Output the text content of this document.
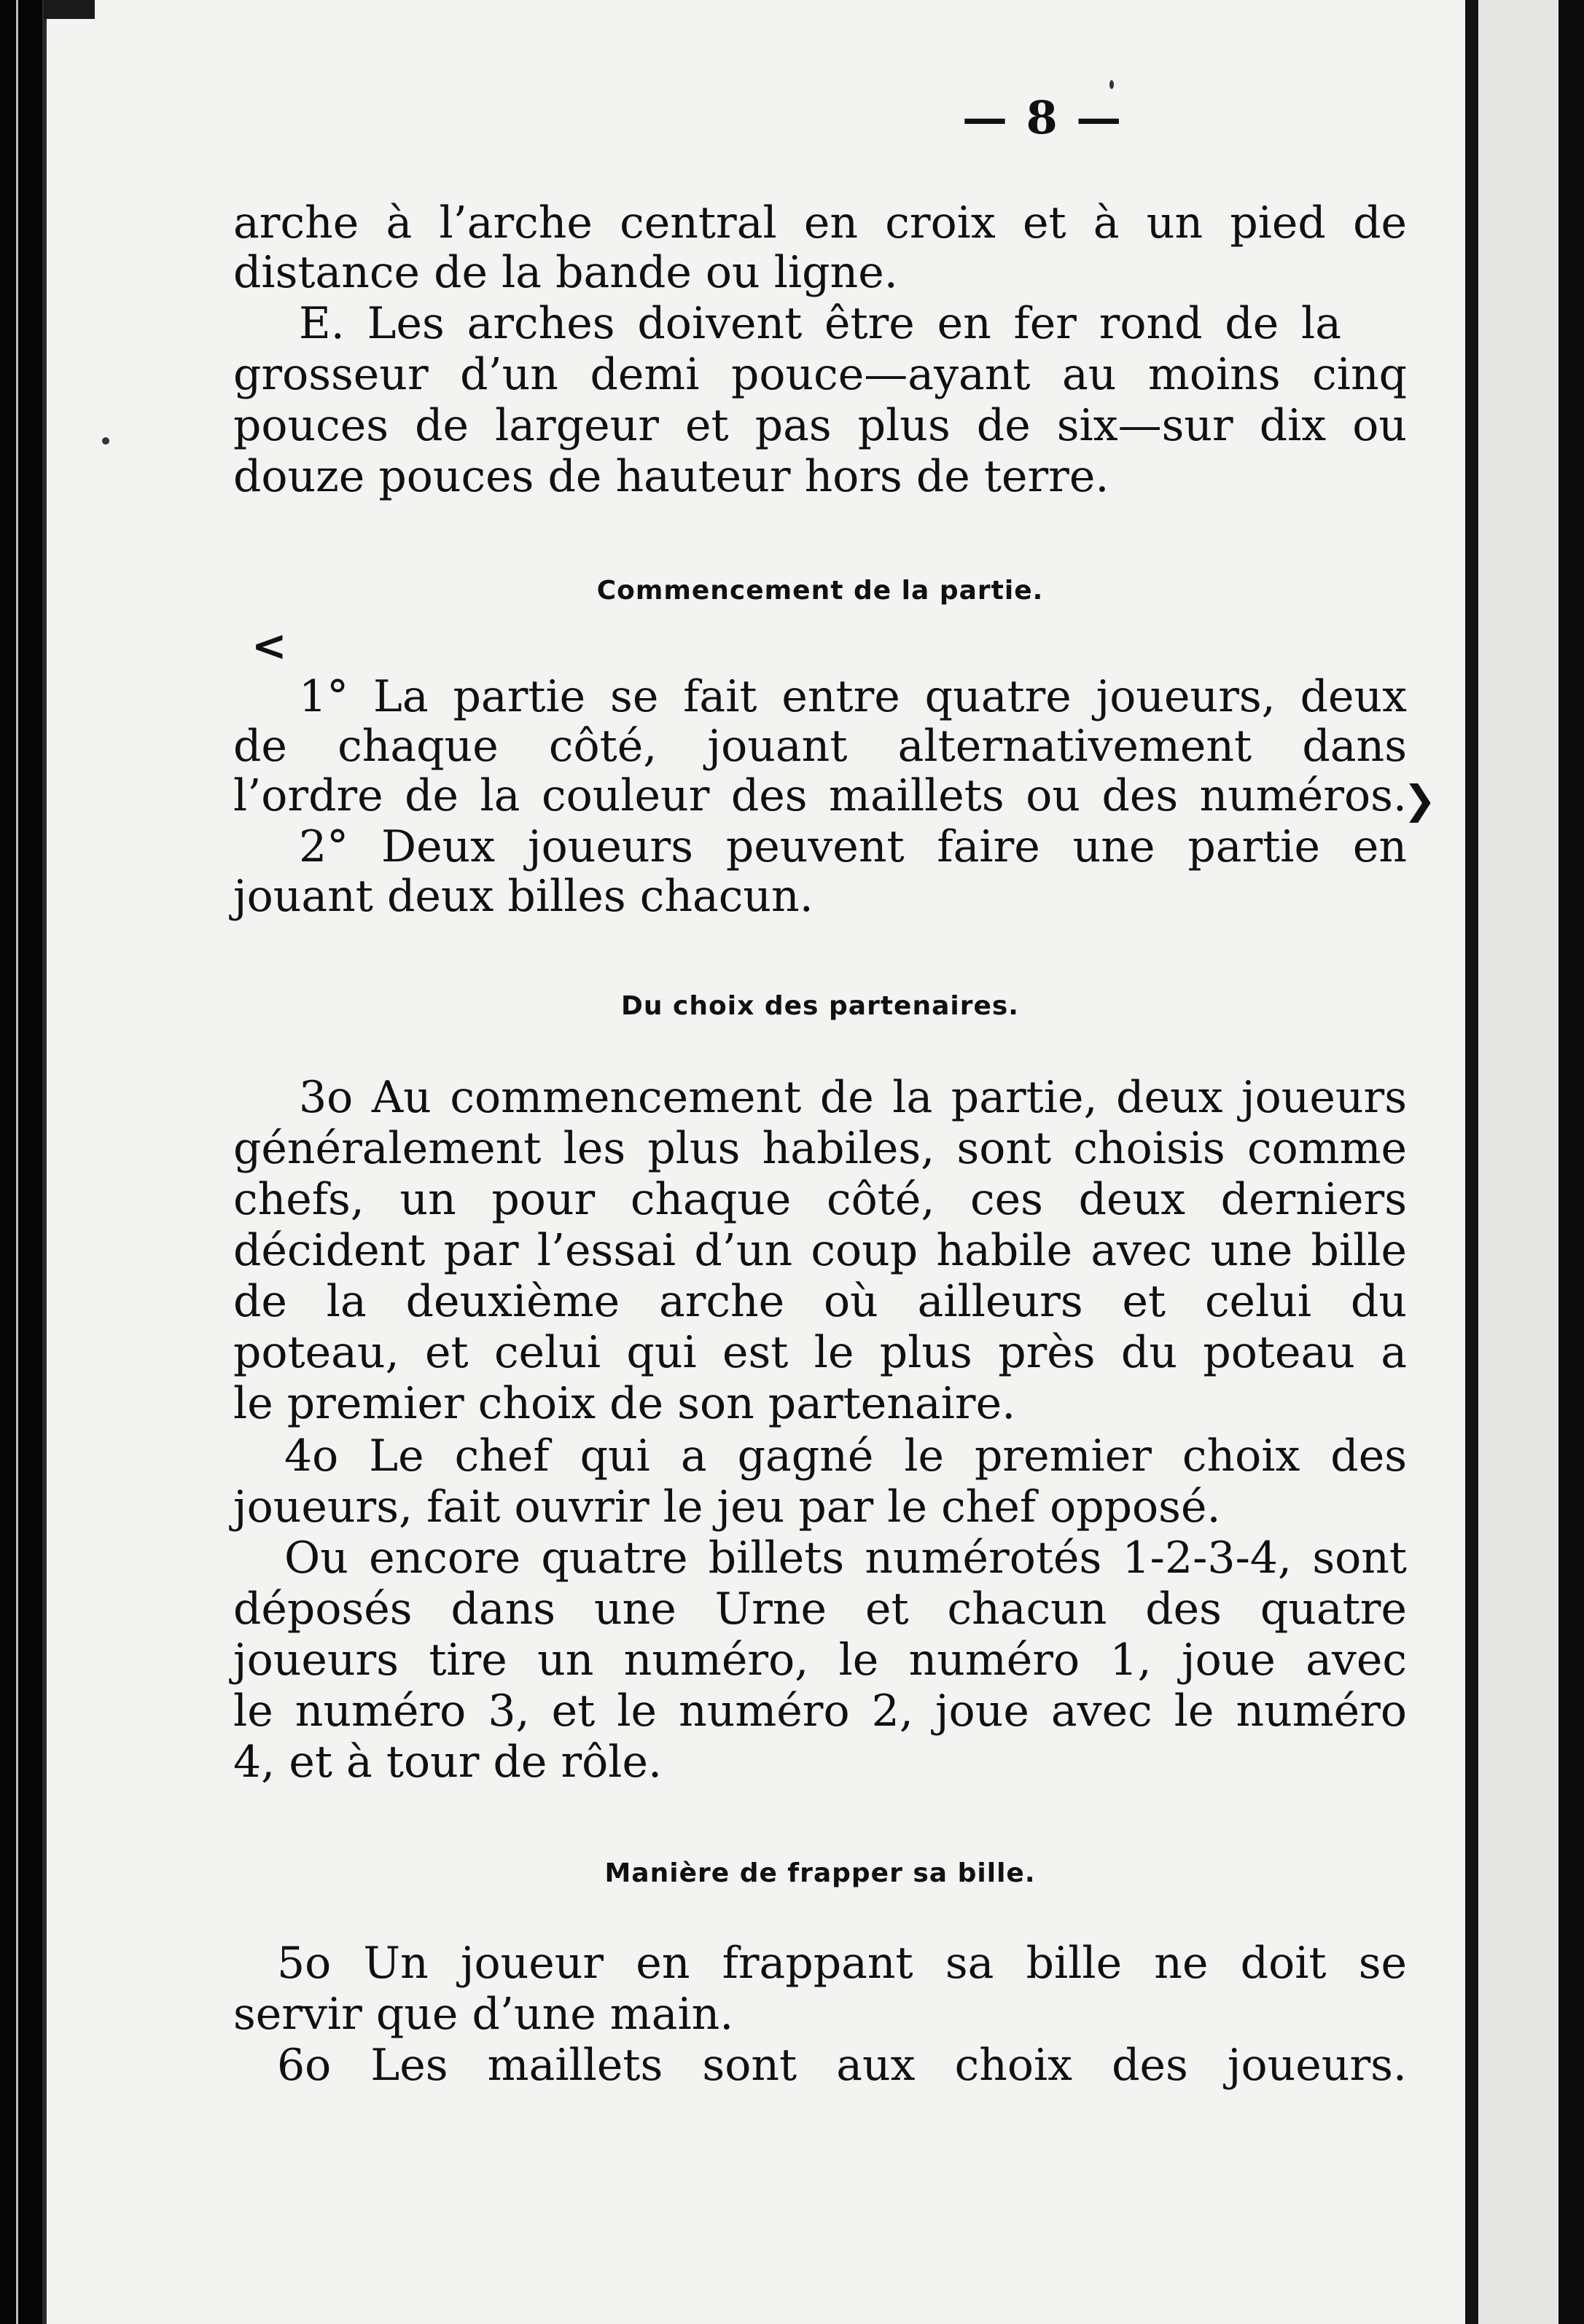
— 8 —
arche à l’arche central en croix et à un pied de
distance de la bande ou ligne.
E. Les arches doivent être en fer rond de la
grosseur d’un demi pouce—ayant au moins cinq
pouces de largeur et pas plus de six—sur dix ou
douze pouces de hauteur hors de terre.
Commencement de la partie.
1° La partie se fait entre quatre joueurs, deux
de chaque côté, jouant alternativement dans
l’ordre de la couleur des maillets ou des numéros.
2° Deux joueurs peuvent faire une partie en
jouant deux billes chacun.
Du choix des partenaires.
3o Au commencement de la partie, deux joueurs
généralement les plus habiles, sont choisis comme
chefs, un pour chaque côté, ces deux derniers
décident par l’essai d’un coup habile avec une bille
de la deuxième arche où ailleurs et celui du
poteau, et celui qui est le plus près du poteau a
le premier choix de son partenaire.
4o Le chef qui a gagné le premier choix des
joueurs, fait ouvrir le jeu par le chef opposé.
Ou encore quatre billets numérotés 1-2-3-4, sont
déposés dans une Urne et chacun des quatre
joueurs tire un numéro, le numéro 1, joue avec
le numéro 3, et le numéro 2, joue avec le numéro
4, et à tour de rôle.
Manière de frapper sa bille.
5o Un joueur en frappant sa bille ne doit se
servir que d’une main.
6o Les maillets sont aux choix des joueurs.
<
❯
